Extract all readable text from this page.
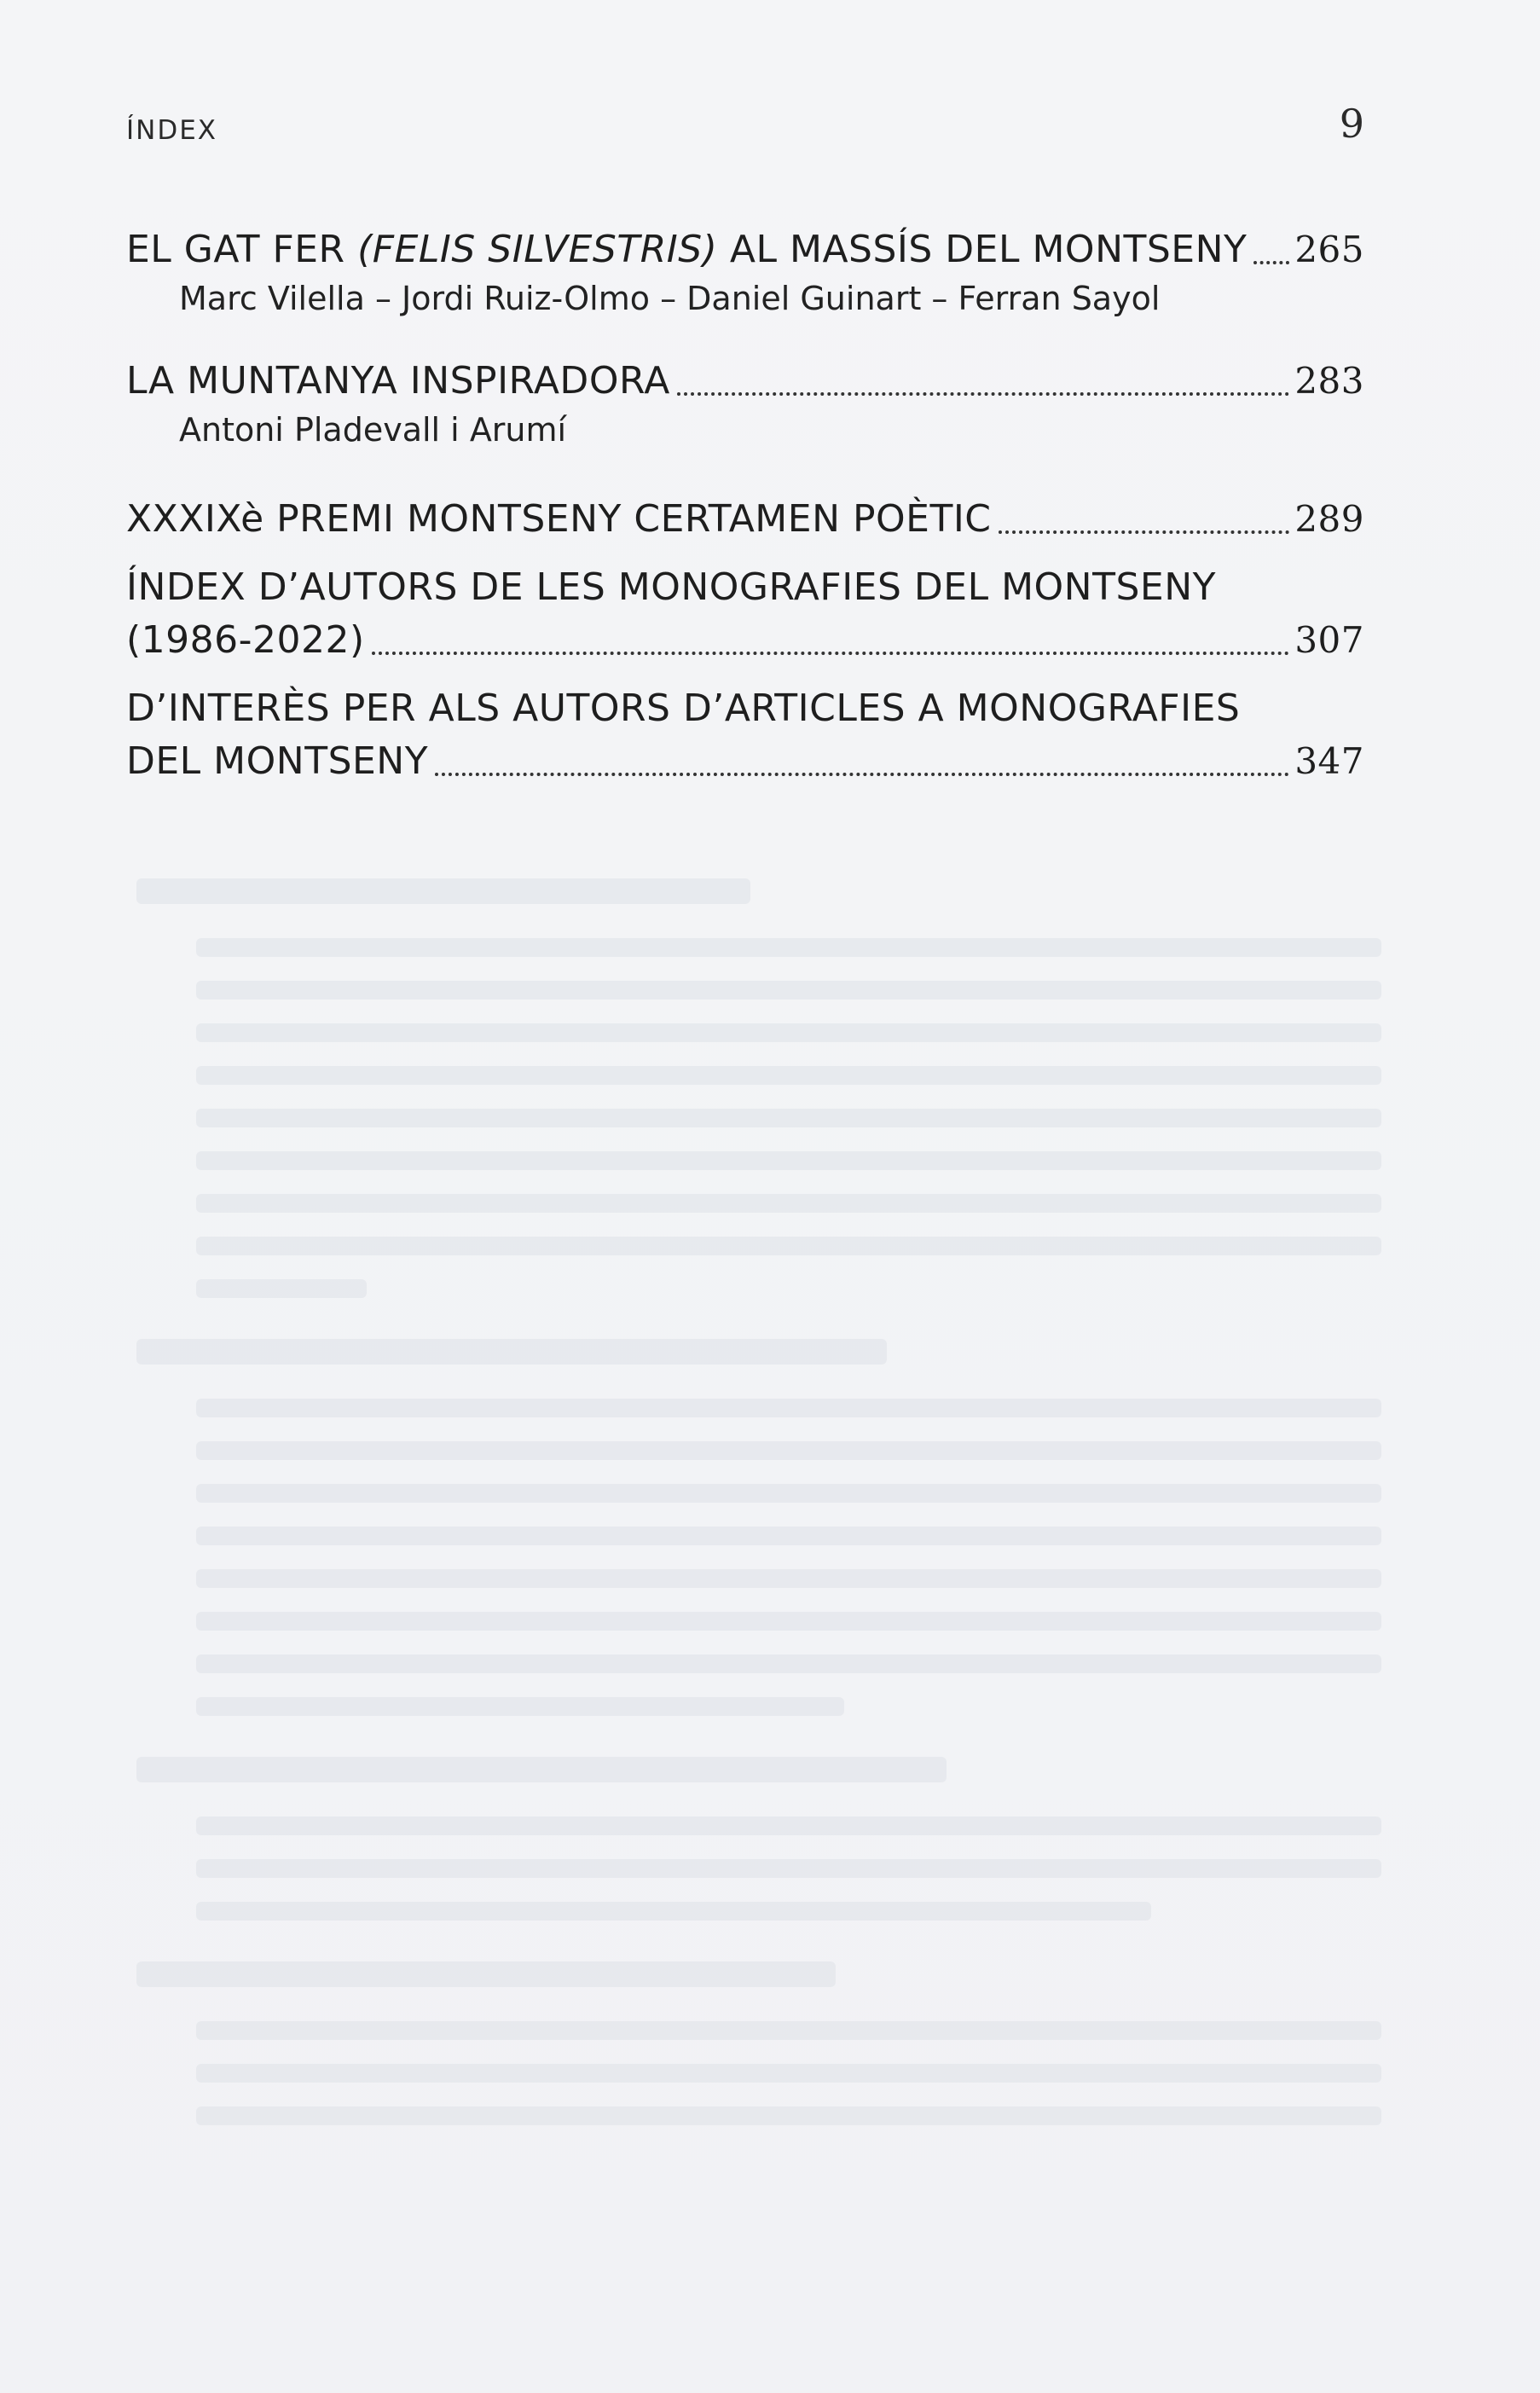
ÍNDEX	9
EL GAT FER (FELIS SILVESTRIS) AL MASSÍS DEL MONTSENY 265
Marc Vilella – Jordi Ruiz-Olmo – Daniel Guinart – Ferran Sayol
LA MUNTANYA INSPIRADORA	283
Antoni Pladevall i Arumí
XXXIXè PREMI MONTSENY CERTAMEN POÈTIC	289
ÍNDEX D’AUTORS DE LES MONOGRAFIES DEL MONTSENY
(1986-2022)	307
D’INTERÈS PER ALS AUTORS D’ARTICLES A MONOGRAFIES
DEL MONTSENY	347
